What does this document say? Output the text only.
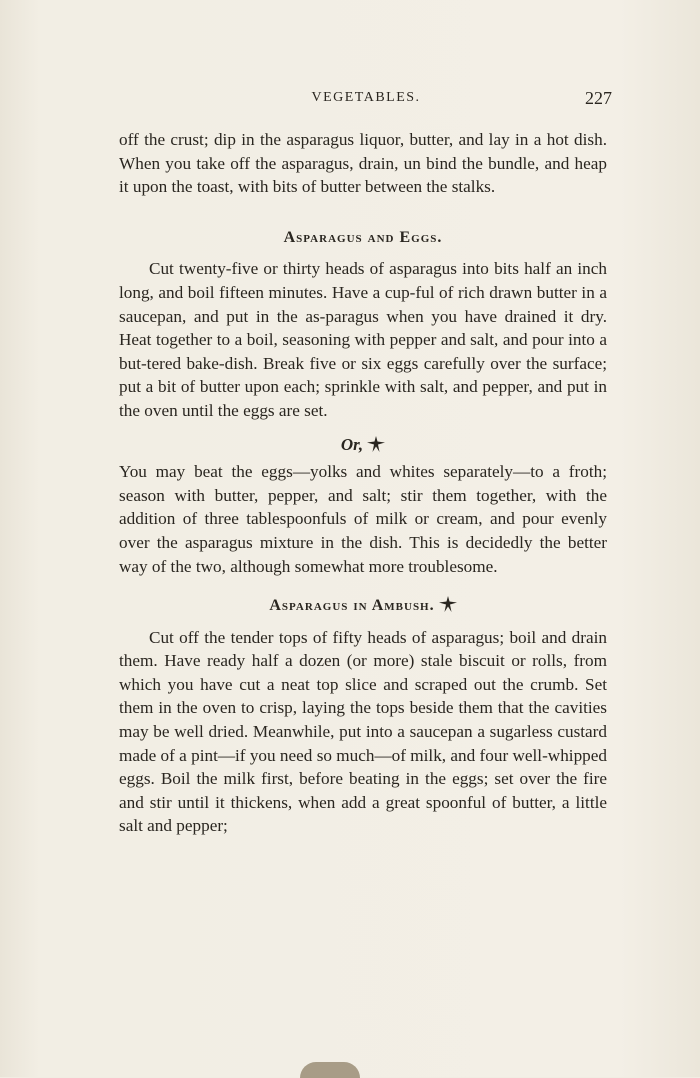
VEGETABLES.	227

off the crust; dip in the asparagus liquor, butter, and lay in a hot dish. When you take off the asparagus, drain, un bind the bundle, and heap it upon the toast, with bits of butter between the stalks.

Asparagus and Eggs.

Cut twenty-five or thirty heads of asparagus into bits half an inch long, and boil fifteen minutes. Have a cup-ful of rich drawn butter in a saucepan, and put in the as-paragus when you have drained it dry. Heat together to a boil, seasoning with pepper and salt, and pour into a but-tered bake-dish. Break five or six eggs carefully over the surface; put a bit of butter upon each; sprinkle with salt, and pepper, and put in the oven until the eggs are set.

Or,

You may beat the eggs—yolks and whites separately—to a froth; season with butter, pepper, and salt; stir them together, with the addition of three tablespoonfuls of milk or cream, and pour evenly over the asparagus mixture in the dish. This is decidedly the better way of the two, although somewhat more troublesome.

Asparagus in Ambush.

Cut off the tender tops of fifty heads of asparagus; boil and drain them. Have ready half a dozen (or more) stale biscuit or rolls, from which you have cut a neat top slice and scraped out the crumb. Set them in the oven to crisp, laying the tops beside them that the cavities may be well dried. Meanwhile, put into a saucepan a sugarless custard made of a pint—if you need so much—of milk, and four well-whipped eggs. Boil the milk first, before beating in the eggs; set over the fire and stir until it thickens, when add a great spoonful of butter, a little salt and pepper;
